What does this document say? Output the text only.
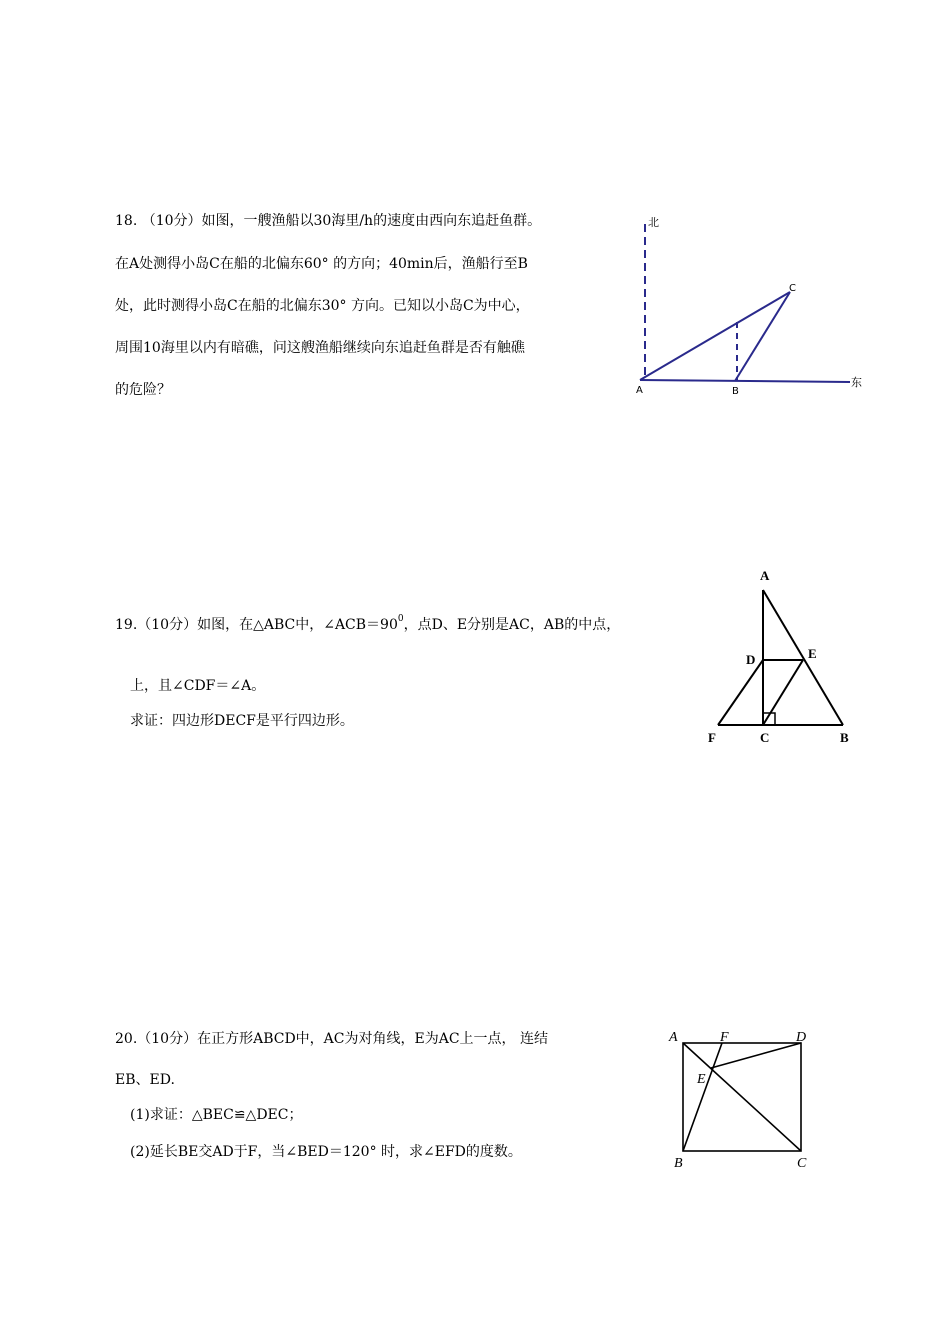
18. （10分）如图，一艘渔船以30海里/h的速度由西向东追赶鱼群。
在A处测得小岛C在船的北偏东60° 的方向；40min后，渔船行至B
处，此时测得小岛C在船的北偏东30° 方向。已知以小岛C为中心，
周围10海里以内有暗礁，问这艘渔船继续向东追赶鱼群是否有触礁
的危险？
北
东
A	B
C
19.（10分）如图，在△ABC中，$\angle ACB=90^0$，点D、E分别是AC，AB的中点，
上，且∠CDF＝∠A。
求证：四边形DECF是平行四边形。
A
D	E
F	C	B
20.（10分）在正方形ABCD中，AC为对角线，E为AC上一点， 连结
EB、ED.
(1)求证：△BEC≌△DEC；
(2)延长BE交AD于F，当∠BED＝120° 时，求∠EFD的度数。
A	F	D
E
B	C
